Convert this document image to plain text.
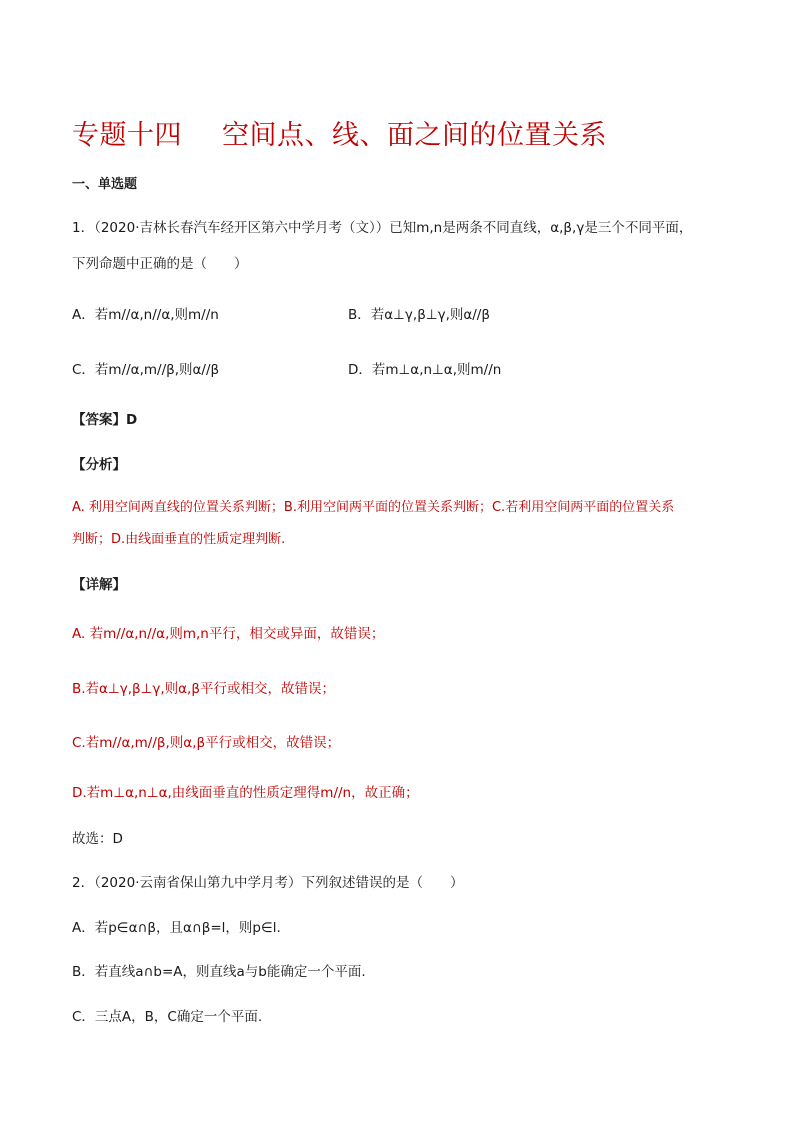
专题十四 空间点、线、面之间的位置关系
一、单选题
1．（2020·吉林长春汽车经开区第六中学月考（文））已知m,n是两条不同直线，α,β,γ是三个不同平面，
下列命题中正确的是（　　）
A．若m//α,n//α,则m//n	B．若α⊥γ,β⊥γ,则α//β
C．若m//α,m//β,则α//β	D．若m⊥α,n⊥α,则m//n
【答案】D
【分析】
A. 利用空间两直线的位置关系判断；B.利用空间两平面的位置关系判断；C.若利用空间两平面的位置关系
判断；D.由线面垂直的性质定理判断.
【详解】
A. 若m//α,n//α,则m,n平行，相交或异面，故错误；
B.若α⊥γ,β⊥γ,则α,β平行或相交，故错误；
C.若m//α,m//β,则α,β平行或相交，故错误；
D.若m⊥α,n⊥α,由线面垂直的性质定理得m//n，故正确；
故选：D
2．（2020·云南省保山第九中学月考）下列叙述错误的是（　　）
A．若p∈α∩β，且α∩β=l，则p∈l.
B．若直线a∩b=A，则直线a与b能确定一个平面.
C．三点A，B，C确定一个平面.
